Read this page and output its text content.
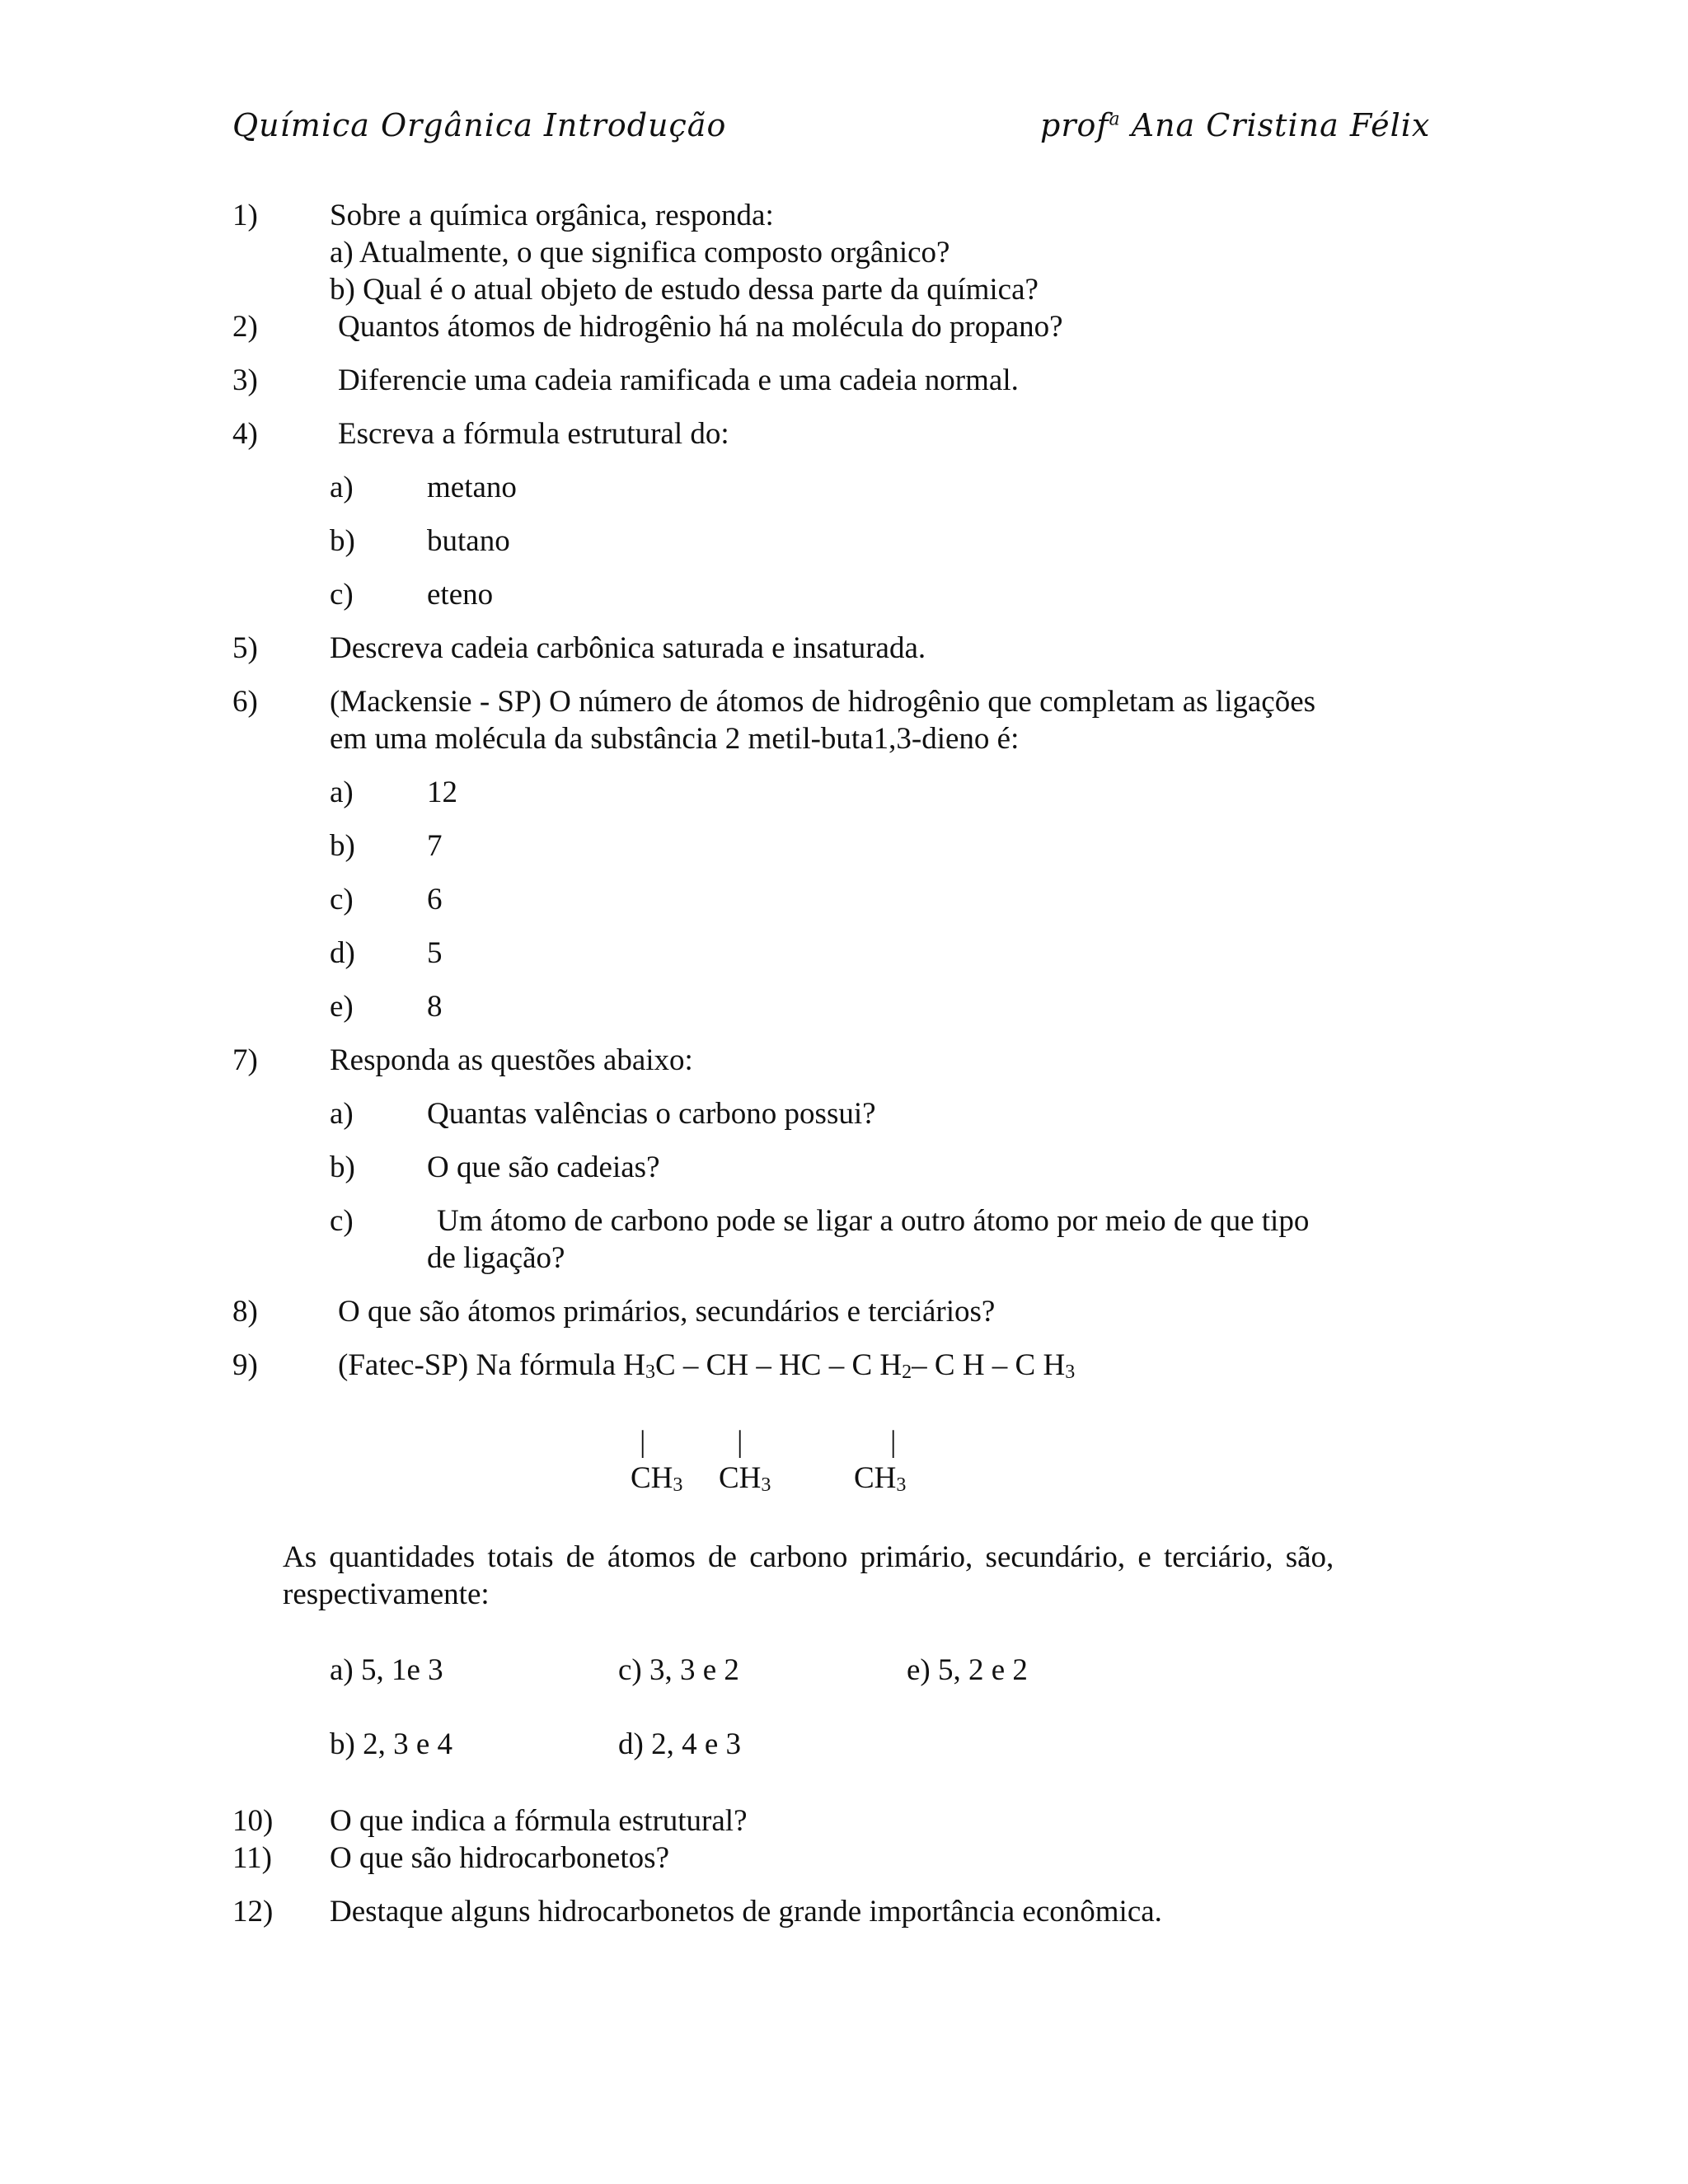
Química Orgânica Introdução	prof$^a$ Ana Cristina Félix
1) Sobre a química orgânica, responda:
a) Atualmente, o que significa composto orgânico?
b) Qual é o atual objeto de estudo dessa parte da química?
2)	Quantos átomos de hidrogênio há na molécula do propano?
3)	Diferencie uma cadeia ramificada e uma cadeia normal.
4)	Escreva a fórmula estrutural do:
a) metano
b) butano
c) eteno
5) Descreva cadeia carbônica saturada e insaturada.
6) (Mackensie - SP) O número de átomos de hidrogênio que completam as ligações
em uma molécula da substância 2 metil-buta1,3-dieno é:
a) 12
b) 7
c) 6
d) 5
e) 8
7) Responda as questões abaixo:
a) Quantas valências o carbono possui?
b) O que são cadeias?
c)	Um átomo de carbono pode se ligar a outro átomo por meio de que tipo
de ligação?
8)	O que são átomos primários, secundários e terciários?
9)	(Fatec-SP) Na fórmula H3C – CH – HC – C H2– C H – C H3
|	|	|
CH3 CH3	CH3
As quantidades totais de átomos de carbono primário, secundário, e terciário, são,
respectivamente:
a) 5, 1e 3	c) 3, 3 e 2	e) 5, 2 e 2
b) 2, 3 e 4	d) 2, 4 e 3
10) O que indica a fórmula estrutural?
11) O que são hidrocarbonetos?
12) Destaque alguns hidrocarbonetos de grande importância econômica.
